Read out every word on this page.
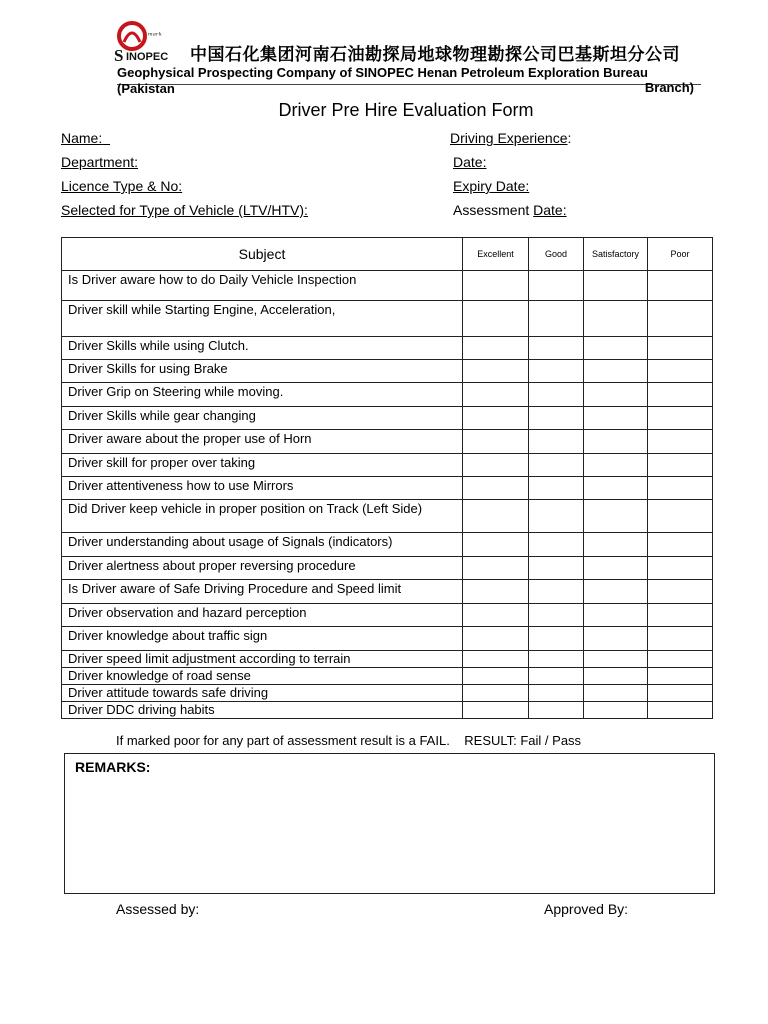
S INOPEC
ᵐᵃʳᵏ
中国石化集团河南石油勘探局地球物理勘探公司巴基斯坦分公司
Geophysical Prospecting Company of SINOPEC Henan Petroleum Exploration Bureau
(Pakistan	Branch)
Driver Pre Hire Evaluation Form
Name:	Driving Experience:
Department:	Date:
Licence Type & No:	Expiry Date:
Selected for Type of Vehicle (LTV/HTV):	Assessment Date:
Subject	Excellent	Good	Satisfactory	Poor
Is Driver aware how to do Daily Vehicle Inspection				
Driver skill while Starting Engine, Acceleration,				
Driver Skills while using Clutch.				
Driver Skills for using Brake				
Driver Grip on Steering while moving.				
Driver Skills while gear changing				
Driver aware about the proper use of Horn				
Driver skill for proper over taking				
Driver attentiveness how to use Mirrors				
Did Driver keep vehicle in proper position on Track (Left Side)				
Driver understanding about usage of Signals (indicators)				
Driver alertness about proper reversing procedure				
Is Driver aware of Safe Driving Procedure and Speed limit				
Driver observation and hazard perception				
Driver knowledge about traffic sign				
Driver speed limit adjustment according to terrain				
Driver knowledge of road sense				
Driver attitude towards safe driving				
Driver DDC driving habits				
If marked poor for any part of assessment result is a FAIL.    RESULT: Fail / Pass
REMARKS:
Assessed by:	Approved By:
